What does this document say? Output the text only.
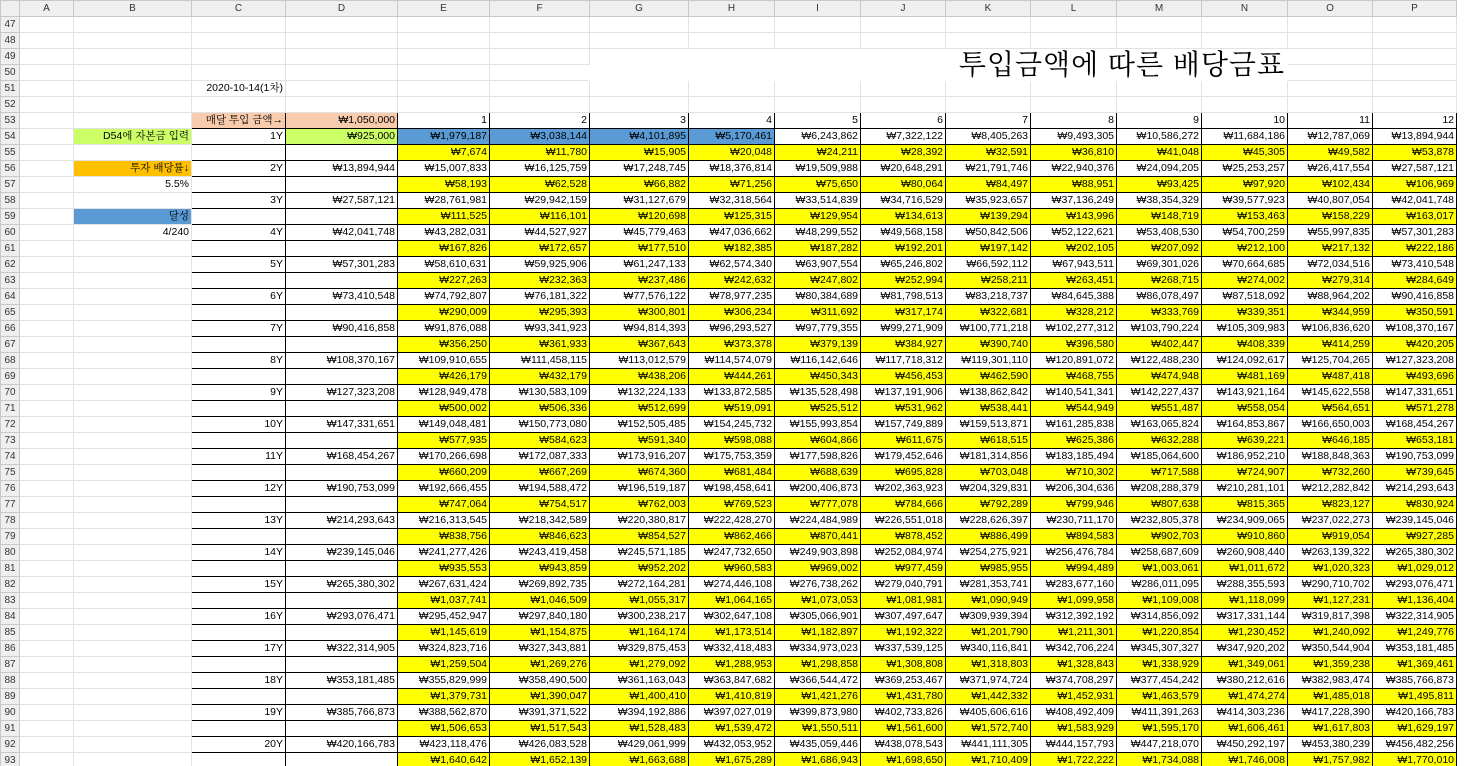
	A	B	C	D	E	F	G	H	I	J	K	L	M	N	O	P
47																
48																
49							투입금액에 따른 배당금표									
50																
51			2020-10-14(1차)													
52																
53			매달 투입 금액→	₩1,050,000	1	2	3	4	5	6	7	8	9	10	11	12
54		D54에 자본금 입력	1Y	₩925,000	₩1,979,187	₩3,038,144	₩4,101,895	₩5,170,461	₩6,243,862	₩7,322,122	₩8,405,263	₩9,493,305	₩10,586,272	₩11,684,186	₩12,787,069	₩13,894,944
55					₩7,674	₩11,780	₩15,905	₩20,048	₩24,211	₩28,392	₩32,591	₩36,810	₩41,048	₩45,305	₩49,582	₩53,878
56		투자 배당률↓	2Y	₩13,894,944	₩15,007,833	₩16,125,759	₩17,248,745	₩18,376,814	₩19,509,988	₩20,648,291	₩21,791,746	₩22,940,376	₩24,094,205	₩25,253,257	₩26,417,554	₩27,587,121
57		5.5%			₩58,193	₩62,528	₩66,882	₩71,256	₩75,650	₩80,064	₩84,497	₩88,951	₩93,425	₩97,920	₩102,434	₩106,969
58			3Y	₩27,587,121	₩28,761,981	₩29,942,159	₩31,127,679	₩32,318,564	₩33,514,839	₩34,716,529	₩35,923,657	₩37,136,249	₩38,354,329	₩39,577,923	₩40,807,054	₩42,041,748
59		달성			₩111,525	₩116,101	₩120,698	₩125,315	₩129,954	₩134,613	₩139,294	₩143,996	₩148,719	₩153,463	₩158,229	₩163,017
60		4/240	4Y	₩42,041,748	₩43,282,031	₩44,527,927	₩45,779,463	₩47,036,662	₩48,299,552	₩49,568,158	₩50,842,506	₩52,122,621	₩53,408,530	₩54,700,259	₩55,997,835	₩57,301,283
61					₩167,826	₩172,657	₩177,510	₩182,385	₩187,282	₩192,201	₩197,142	₩202,105	₩207,092	₩212,100	₩217,132	₩222,186
62			5Y	₩57,301,283	₩58,610,631	₩59,925,906	₩61,247,133	₩62,574,340	₩63,907,554	₩65,246,802	₩66,592,112	₩67,943,511	₩69,301,026	₩70,664,685	₩72,034,516	₩73,410,548
63					₩227,263	₩232,363	₩237,486	₩242,632	₩247,802	₩252,994	₩258,211	₩263,451	₩268,715	₩274,002	₩279,314	₩284,649
64			6Y	₩73,410,548	₩74,792,807	₩76,181,322	₩77,576,122	₩78,977,235	₩80,384,689	₩81,798,513	₩83,218,737	₩84,645,388	₩86,078,497	₩87,518,092	₩88,964,202	₩90,416,858
65					₩290,009	₩295,393	₩300,801	₩306,234	₩311,692	₩317,174	₩322,681	₩328,212	₩333,769	₩339,351	₩344,959	₩350,591
66			7Y	₩90,416,858	₩91,876,088	₩93,341,923	₩94,814,393	₩96,293,527	₩97,779,355	₩99,271,909	₩100,771,218	₩102,277,312	₩103,790,224	₩105,309,983	₩106,836,620	₩108,370,167
67					₩356,250	₩361,933	₩367,643	₩373,378	₩379,139	₩384,927	₩390,740	₩396,580	₩402,447	₩408,339	₩414,259	₩420,205
68			8Y	₩108,370,167	₩109,910,655	₩111,458,115	₩113,012,579	₩114,574,079	₩116,142,646	₩117,718,312	₩119,301,110	₩120,891,072	₩122,488,230	₩124,092,617	₩125,704,265	₩127,323,208
69					₩426,179	₩432,179	₩438,206	₩444,261	₩450,343	₩456,453	₩462,590	₩468,755	₩474,948	₩481,169	₩487,418	₩493,696
70			9Y	₩127,323,208	₩128,949,478	₩130,583,109	₩132,224,133	₩133,872,585	₩135,528,498	₩137,191,906	₩138,862,842	₩140,541,341	₩142,227,437	₩143,921,164	₩145,622,558	₩147,331,651
71					₩500,002	₩506,336	₩512,699	₩519,091	₩525,512	₩531,962	₩538,441	₩544,949	₩551,487	₩558,054	₩564,651	₩571,278
72			10Y	₩147,331,651	₩149,048,481	₩150,773,080	₩152,505,485	₩154,245,732	₩155,993,854	₩157,749,889	₩159,513,871	₩161,285,838	₩163,065,824	₩164,853,867	₩166,650,003	₩168,454,267
73					₩577,935	₩584,623	₩591,340	₩598,088	₩604,866	₩611,675	₩618,515	₩625,386	₩632,288	₩639,221	₩646,185	₩653,181
74			11Y	₩168,454,267	₩170,266,698	₩172,087,333	₩173,916,207	₩175,753,359	₩177,598,826	₩179,452,646	₩181,314,856	₩183,185,494	₩185,064,600	₩186,952,210	₩188,848,363	₩190,753,099
75					₩660,209	₩667,269	₩674,360	₩681,484	₩688,639	₩695,828	₩703,048	₩710,302	₩717,588	₩724,907	₩732,260	₩739,645
76			12Y	₩190,753,099	₩192,666,455	₩194,588,472	₩196,519,187	₩198,458,641	₩200,406,873	₩202,363,923	₩204,329,831	₩206,304,636	₩208,288,379	₩210,281,101	₩212,282,842	₩214,293,643
77					₩747,064	₩754,517	₩762,003	₩769,523	₩777,078	₩784,666	₩792,289	₩799,946	₩807,638	₩815,365	₩823,127	₩830,924
78			13Y	₩214,293,643	₩216,313,545	₩218,342,589	₩220,380,817	₩222,428,270	₩224,484,989	₩226,551,018	₩228,626,397	₩230,711,170	₩232,805,378	₩234,909,065	₩237,022,273	₩239,145,046
79					₩838,756	₩846,623	₩854,527	₩862,466	₩870,441	₩878,452	₩886,499	₩894,583	₩902,703	₩910,860	₩919,054	₩927,285
80			14Y	₩239,145,046	₩241,277,426	₩243,419,458	₩245,571,185	₩247,732,650	₩249,903,898	₩252,084,974	₩254,275,921	₩256,476,784	₩258,687,609	₩260,908,440	₩263,139,322	₩265,380,302
81					₩935,553	₩943,859	₩952,202	₩960,583	₩969,002	₩977,459	₩985,955	₩994,489	₩1,003,061	₩1,011,672	₩1,020,323	₩1,029,012
82			15Y	₩265,380,302	₩267,631,424	₩269,892,735	₩272,164,281	₩274,446,108	₩276,738,262	₩279,040,791	₩281,353,741	₩283,677,160	₩286,011,095	₩288,355,593	₩290,710,702	₩293,076,471
83					₩1,037,741	₩1,046,509	₩1,055,317	₩1,064,165	₩1,073,053	₩1,081,981	₩1,090,949	₩1,099,958	₩1,109,008	₩1,118,099	₩1,127,231	₩1,136,404
84			16Y	₩293,076,471	₩295,452,947	₩297,840,180	₩300,238,217	₩302,647,108	₩305,066,901	₩307,497,647	₩309,939,394	₩312,392,192	₩314,856,092	₩317,331,144	₩319,817,398	₩322,314,905
85					₩1,145,619	₩1,154,875	₩1,164,174	₩1,173,514	₩1,182,897	₩1,192,322	₩1,201,790	₩1,211,301	₩1,220,854	₩1,230,452	₩1,240,092	₩1,249,776
86			17Y	₩322,314,905	₩324,823,716	₩327,343,881	₩329,875,453	₩332,418,483	₩334,973,023	₩337,539,125	₩340,116,841	₩342,706,224	₩345,307,327	₩347,920,202	₩350,544,904	₩353,181,485
87					₩1,259,504	₩1,269,276	₩1,279,092	₩1,288,953	₩1,298,858	₩1,308,808	₩1,318,803	₩1,328,843	₩1,338,929	₩1,349,061	₩1,359,238	₩1,369,461
88			18Y	₩353,181,485	₩355,829,999	₩358,490,500	₩361,163,043	₩363,847,682	₩366,544,472	₩369,253,467	₩371,974,724	₩374,708,297	₩377,454,242	₩380,212,616	₩382,983,474	₩385,766,873
89					₩1,379,731	₩1,390,047	₩1,400,410	₩1,410,819	₩1,421,276	₩1,431,780	₩1,442,332	₩1,452,931	₩1,463,579	₩1,474,274	₩1,485,018	₩1,495,811
90			19Y	₩385,766,873	₩388,562,870	₩391,371,522	₩394,192,886	₩397,027,019	₩399,873,980	₩402,733,826	₩405,606,616	₩408,492,409	₩411,391,263	₩414,303,236	₩417,228,390	₩420,166,783
91					₩1,506,653	₩1,517,543	₩1,528,483	₩1,539,472	₩1,550,511	₩1,561,600	₩1,572,740	₩1,583,929	₩1,595,170	₩1,606,461	₩1,617,803	₩1,629,197
92			20Y	₩420,166,783	₩423,118,476	₩426,083,528	₩429,061,999	₩432,053,952	₩435,059,446	₩438,078,543	₩441,111,305	₩444,157,793	₩447,218,070	₩450,292,197	₩453,380,239	₩456,482,256
93					₩1,640,642	₩1,652,139	₩1,663,688	₩1,675,289	₩1,686,943	₩1,698,650	₩1,710,409	₩1,722,222	₩1,734,088	₩1,746,008	₩1,757,982	₩1,770,010
